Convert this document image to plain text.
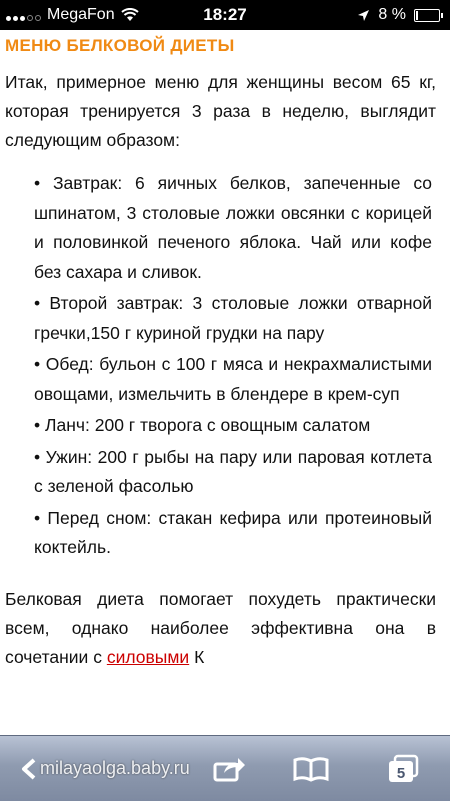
MegaFon	18:27	8 %
МЕНЮ БЕЛКОВОЙ ДИЕТЫ

Итак, примерное меню для женщины весом 65 кг, которая тренируется 3 раза в неделю, выглядит следующим образом:

• Завтрак: 6 яичных белков, запеченные со шпинатом, 3 столовые ложки овсянки с корицей и половинкой печеного яблока. Чай или кофе без сахара и сливок.
• Второй завтрак: 3 столовые ложки отварной гречки,150 г куриной грудки на пару
• Обед: бульон с 100 г мяса и некрахмалистыми овощами, измельчить в блендере в крем-суп
• Ланч: 200 г творога с овощным салатом
• Ужин: 200 г рыбы на пару или паровая котлета с зеленой фасолью
• Перед сном: стакан кефира или протеиновый коктейль.

Белковая диета помогает похудеть практически всем, однако наиболее эффективна она в сочетании с силовыми К

milayaolga.baby.ru	5
